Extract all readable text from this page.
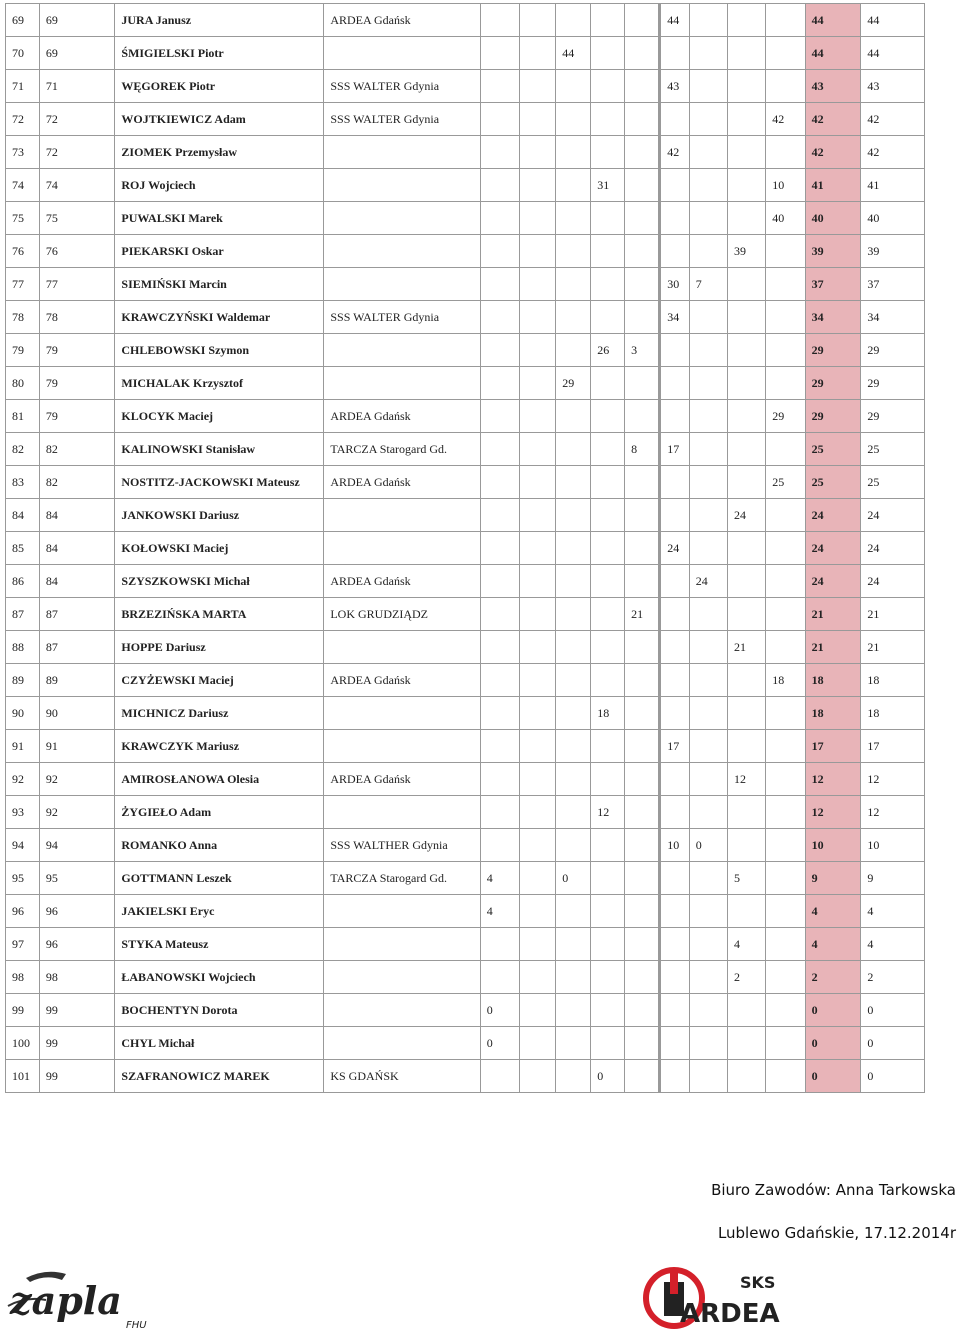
69	69	JURA Janusz	ARDEA Gdańsk								44				44	44
70	69	ŚMIGIELSKI Piotr				44									44	44
71	71	WĘGOREK Piotr	SSS WALTER Gdynia								43				43	43
72	72	WOJTKIEWICZ Adam	SSS WALTER Gdynia											42	42	42
73	72	ZIOMEK Przemysław									42				42	42
74	74	ROJ Wojciech					31							10	41	41
75	75	PUWALSKI Marek												40	40	40
76	76	PIEKARSKI Oskar											39		39	39
77	77	SIEMIŃSKI Marcin									30	7			37	37
78	78	KRAWCZYŃSKI Waldemar	SSS WALTER Gdynia								34				34	34
79	79	CHLEBOWSKI Szymon					26	3							29	29
80	79	MICHALAK Krzysztof				29									29	29
81	79	KLOCYK Maciej	ARDEA Gdańsk											29	29	29
82	82	KALINOWSKI Stanisław	TARCZA Starogard Gd.					8			17				25	25
83	82	NOSTITZ-JACKOWSKI Mateusz	ARDEA Gdańsk											25	25	25
84	84	JANKOWSKI Dariusz											24		24	24
85	84	KOŁOWSKI Maciej									24				24	24
86	84	SZYSZKOWSKI Michał	ARDEA Gdańsk									24			24	24
87	87	BRZEZIŃSKA MARTA	LOK GRUDZIĄDZ					21							21	21
88	87	HOPPE Dariusz											21		21	21
89	89	CZYŻEWSKI Maciej	ARDEA Gdańsk											18	18	18
90	90	MICHNICZ Dariusz					18								18	18
91	91	KRAWCZYK Mariusz									17				17	17
92	92	AMIROSŁANOWA Olesia	ARDEA Gdańsk										12		12	12
93	92	ŻYGIEŁO Adam					12								12	12
94	94	ROMANKO Anna	SSS WALTHER Gdynia								10	0			10	10
95	95	GOTTMANN Leszek	TARCZA Starogard Gd.	4		0							5		9	9
96	96	JAKIELSKI Eryc		4											4	4
97	96	STYKA Mateusz											4		4	4
98	98	ŁABANOWSKI Wojciech											2		2	2
99	99	BOCHENTYN Dorota		0											0	0
100	99	CHYL Michał		0											0	0
101	99	SZAFRANOWICZ MAREK	KS GDAŃSK				0								0	0
Biuro Zawodów: Anna Tarkowska
Lublewo Gdańskie, 17.12.2014r
zapla
FHU
SKS
ARDEA
